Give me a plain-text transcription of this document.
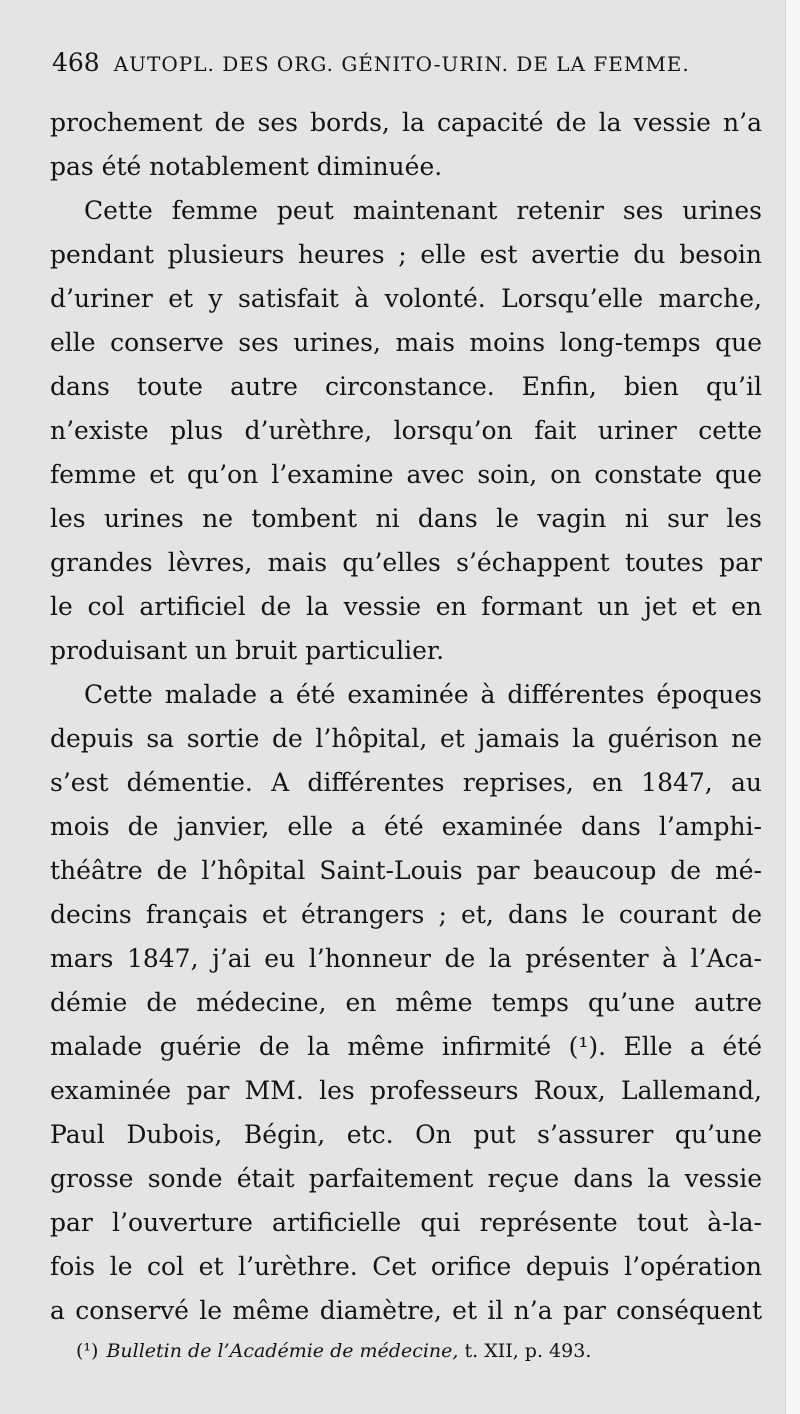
468 AUTOPL. DES ORG. GÉNITO-URIN. DE LA FEMME.
prochement de ses bords, la capacité de la vessie n’a
pas été notablement diminuée.
Cette femme peut maintenant retenir ses urines
pendant plusieurs heures ; elle est avertie du besoin
d’uriner et y satisfait à volonté. Lorsqu’elle marche,
elle conserve ses urines, mais moins long-temps que
dans toute autre circonstance. Enfin, bien qu’il
n’existe plus d’urèthre, lorsqu’on fait uriner cette
femme et qu’on l’examine avec soin, on constate que
les urines ne tombent ni dans le vagin ni sur les
grandes lèvres, mais qu’elles s’échappent toutes par
le col artificiel de la vessie en formant un jet et en
produisant un bruit particulier.
Cette malade a été examinée à différentes époques
depuis sa sortie de l’hôpital, et jamais la guérison ne
s’est démentie. A différentes reprises, en 1847, au
mois de janvier, elle a été examinée dans l’amphi-
théâtre de l’hôpital Saint-Louis par beaucoup de mé-
decins français et étrangers ; et, dans le courant de
mars 1847, j’ai eu l’honneur de la présenter à l’Aca-
démie de médecine, en même temps qu’une autre
malade guérie de la même infirmité (¹). Elle a été
examinée par MM. les professeurs Roux, Lallemand,
Paul Dubois, Bégin, etc. On put s’assurer qu’une
grosse sonde était parfaitement reçue dans la vessie
par l’ouverture artificielle qui représente tout à-la-
fois le col et l’urèthre. Cet orifice depuis l’opération
a conservé le même diamètre, et il n’a par conséquent
(¹) Bulletin de l’Académie de médecine, t. XII, p. 493.
